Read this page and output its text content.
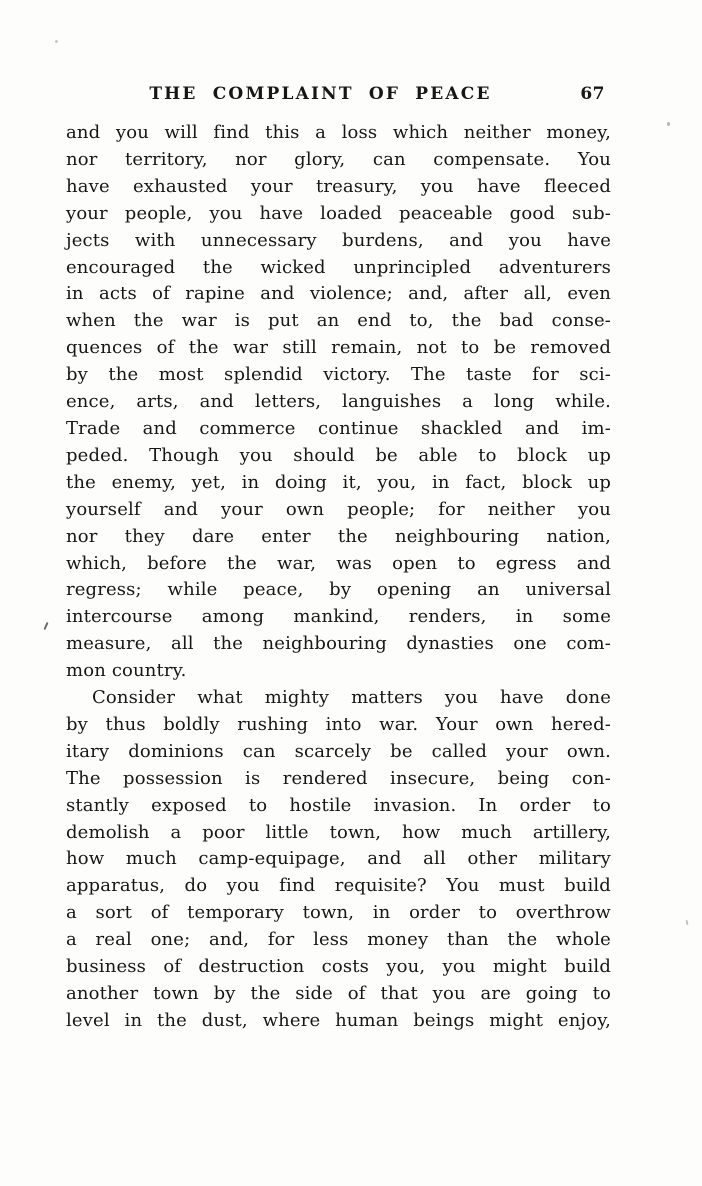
THE COMPLAINT OF PEACE	67
and you will find this a loss which neither money,
nor territory, nor glory, can compensate. You
have exhausted your treasury, you have fleeced
your people, you have loaded peaceable good sub-
jects with unnecessary burdens, and you have
encouraged the wicked unprincipled adventurers
in acts of rapine and violence; and, after all, even
when the war is put an end to, the bad conse-
quences of the war still remain, not to be removed
by the most splendid victory. The taste for sci-
ence, arts, and letters, languishes a long while.
Trade and commerce continue shackled and im-
peded. Though you should be able to block up
the enemy, yet, in doing it, you, in fact, block up
yourself and your own people; for neither you
nor they dare enter the neighbouring nation,
which, before the war, was open to egress and
regress; while peace, by opening an universal
intercourse among mankind, renders, in some
measure, all the neighbouring dynasties one com-
mon country.
Consider what mighty matters you have done
by thus boldly rushing into war. Your own hered-
itary dominions can scarcely be called your own.
The possession is rendered insecure, being con-
stantly exposed to hostile invasion. In order to
demolish a poor little town, how much artillery,
how much camp-equipage, and all other military
apparatus, do you find requisite? You must build
a sort of temporary town, in order to overthrow
a real one; and, for less money than the whole
business of destruction costs you, you might build
another town by the side of that you are going to
level in the dust, where human beings might enjoy,
